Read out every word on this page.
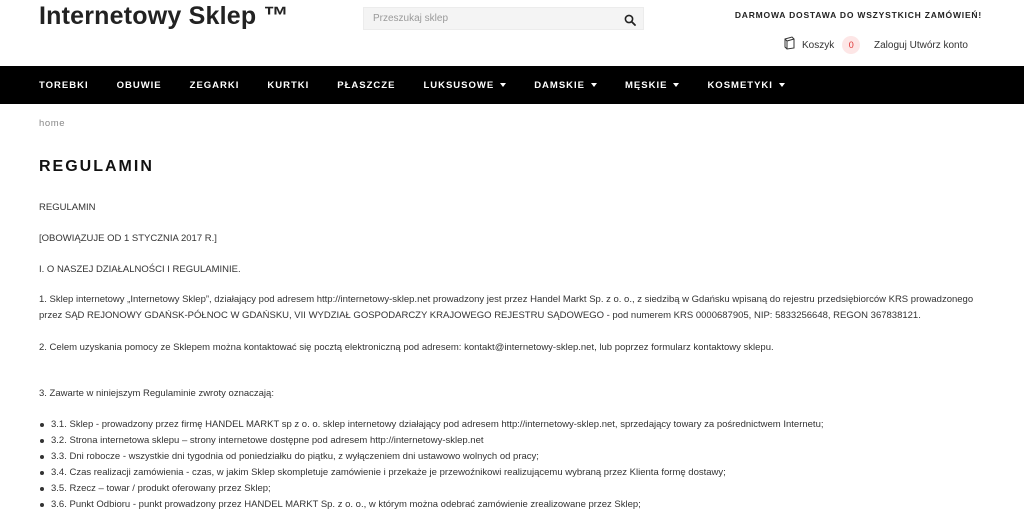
Internetowy Sklep ™
Przeszukaj sklep	DARMOWA DOSTAWA DO WSZYSTKICH ZAMÓWIEŃ!
Koszyk	0	Zaloguj Utwórz konto
TOREBKI	OBUWIE	ZEGARKI	KURTKI	PŁASZCZE	LUKSUSOWE	DAMSKIE	MĘSKIE	KOSMETYKI
home
REGULAMIN

REGULAMIN

[OBOWIĄZUJE OD 1 STYCZNIA 2017 R.]

I. O NASZEJ DZIAŁALNOŚCI I REGULAMINIE.

1. Sklep internetowy „Internetowy Sklep”, działający pod adresem http://internetowy-sklep.net prowadzony jest przez Handel Markt Sp. z o. o., z siedzibą w Gdańsku wpisaną do rejestru przedsiębiorców KRS prowadzonego przez SĄD REJONOWY GDAŃSK-PÓŁNOC W GDAŃSKU, VII WYDZIAŁ GOSPODARCZY KRAJOWEGO REJESTRU SĄDOWEGO - pod numerem KRS 0000687905, NIP: 5833256648, REGON 367838121.

2. Celem uzyskania pomocy ze Sklepem można kontaktować się pocztą elektroniczną pod adresem: kontakt@internetowy-sklep.net, lub poprzez formularz kontaktowy sklepu.

3. Zawarte w niniejszym Regulaminie zwroty oznaczają:

3.1. Sklep - prowadzony przez firmę HANDEL MARKT sp z o. o. sklep internetowy działający pod adresem http://internetowy-sklep.net, sprzedający towary za pośrednictwem Internetu;
3.2. Strona internetowa sklepu – strony internetowe dostępne pod adresem http://internetowy-sklep.net
3.3. Dni robocze - wszystkie dni tygodnia od poniedziałku do piątku, z wyłączeniem dni ustawowo wolnych od pracy;
3.4. Czas realizacji zamówienia - czas, w jakim Sklep skompletuje zamówienie i przekaże je przewoźnikowi realizującemu wybraną przez Klienta formę dostawy;
3.5. Rzecz – towar / produkt oferowany przez Sklep;
3.6. Punkt Odbioru - punkt prowadzony przez HANDEL MARKT Sp. z o. o., w którym można odebrać zamówienie zrealizowane przez Sklep;
